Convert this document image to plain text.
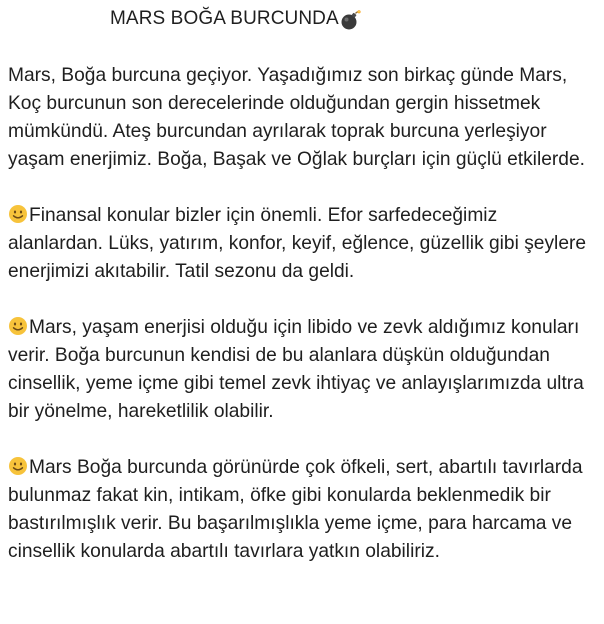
MARS BOĞA BURCUNDA

Mars, Boğa burcuna geçiyor. Yaşadığımız son birkaç günde Mars, Koç burcunun son derecelerinde olduğundan gergin hissetmek mümkündü. Ateş burcundan ayrılarak toprak burcuna yerleşiyor yaşam enerjimiz. Boğa, Başak ve Oğlak burçları için güçlü etkilerde.

Finansal konular bizler için önemli. Efor sarfedeceğimiz alanlardan. Lüks, yatırım, konfor, keyif, eğlence, güzellik gibi şeylere enerjimizi akıtabilir. Tatil sezonu da geldi.

Mars, yaşam enerjisi olduğu için libido ve zevk aldığımız konuları verir. Boğa burcunun kendisi de bu alanlara düşkün olduğundan cinsellik, yeme içme gibi temel zevk ihtiyaç ve anlayışlarımızda ultra bir yönelme, hareketlilik olabilir.

Mars Boğa burcunda görünürde çok öfkeli, sert, abartılı tavırlarda bulunmaz fakat kin, intikam, öfke gibi konularda beklenmedik bir bastırılmışlık verir. Bu başarılmışlıkla yeme içme, para harcama ve cinsellik konularda abartılı tavırlara yatkın olabiliriz.
